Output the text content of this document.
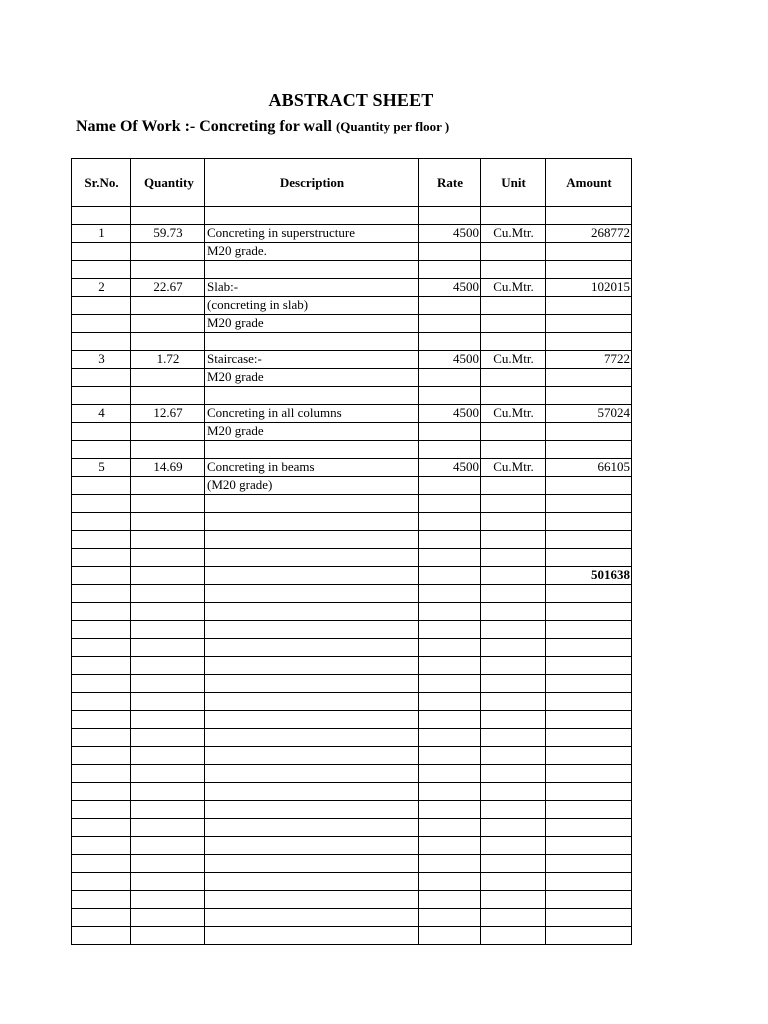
ABSTRACT SHEET
Name Of Work :- Concreting for wall (Quantity per floor )
Sr.No.	Quantity	Description	Rate	Unit	Amount

1	59.73	Concreting in superstructure	4500	Cu.Mtr.	268772
		M20 grade.			

2	22.67	Slab:-	4500	Cu.Mtr.	102015
		(concreting in slab)			
		M20 grade			

3	1.72	Staircase:-	4500	Cu.Mtr.	7722
		M20 grade			

4	12.67	Concreting in all columns	4500	Cu.Mtr.	57024
		M20 grade			

5	14.69	Concreting in beams	4500	Cu.Mtr.	66105
		(M20 grade)			

					501638
